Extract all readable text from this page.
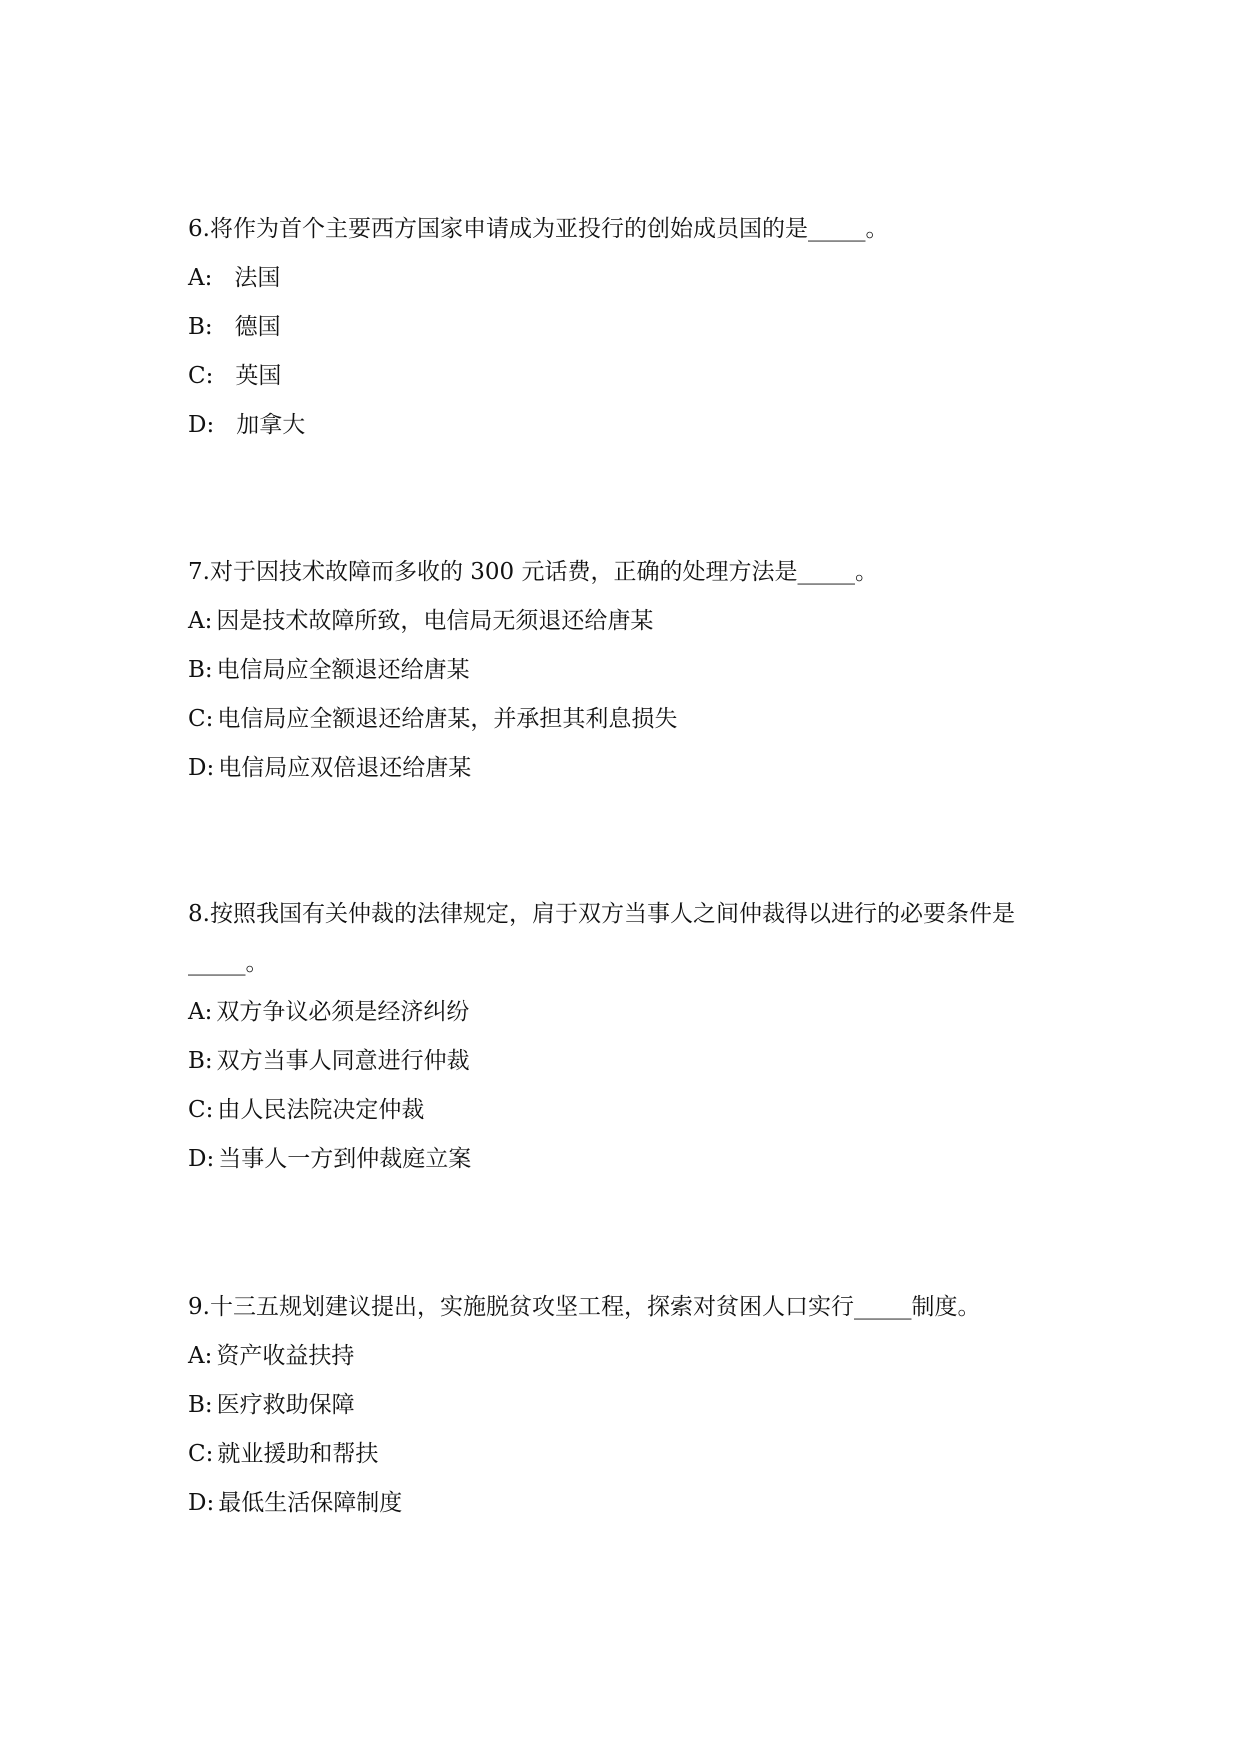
6.将作为首个主要西方国家申请成为亚投行的创始成员国的是_____。

A: 法国

B: 德国

C: 英国

D: 加拿大

7.对于因技术故障而多收的 300 元话费，正确的处理方法是_____。

A: 因是技术故障所致，电信局无须退还给唐某

B: 电信局应全额退还给唐某

C: 电信局应全额退还给唐某，并承担其利息损失

D: 电信局应双倍退还给唐某

8.按照我国有关仲裁的法律规定，肩于双方当事人之间仲裁得以进行的必要条件是_____。

A: 双方争议必须是经济纠纷

B: 双方当事人同意进行仲裁

C: 由人民法院决定仲裁

D: 当事人一方到仲裁庭立案

9.十三五规划建议提出，实施脱贫攻坚工程，探索对贫困人口实行_____制度。

A: 资产收益扶持

B: 医疗救助保障

C: 就业援助和帮扶

D: 最低生活保障制度
